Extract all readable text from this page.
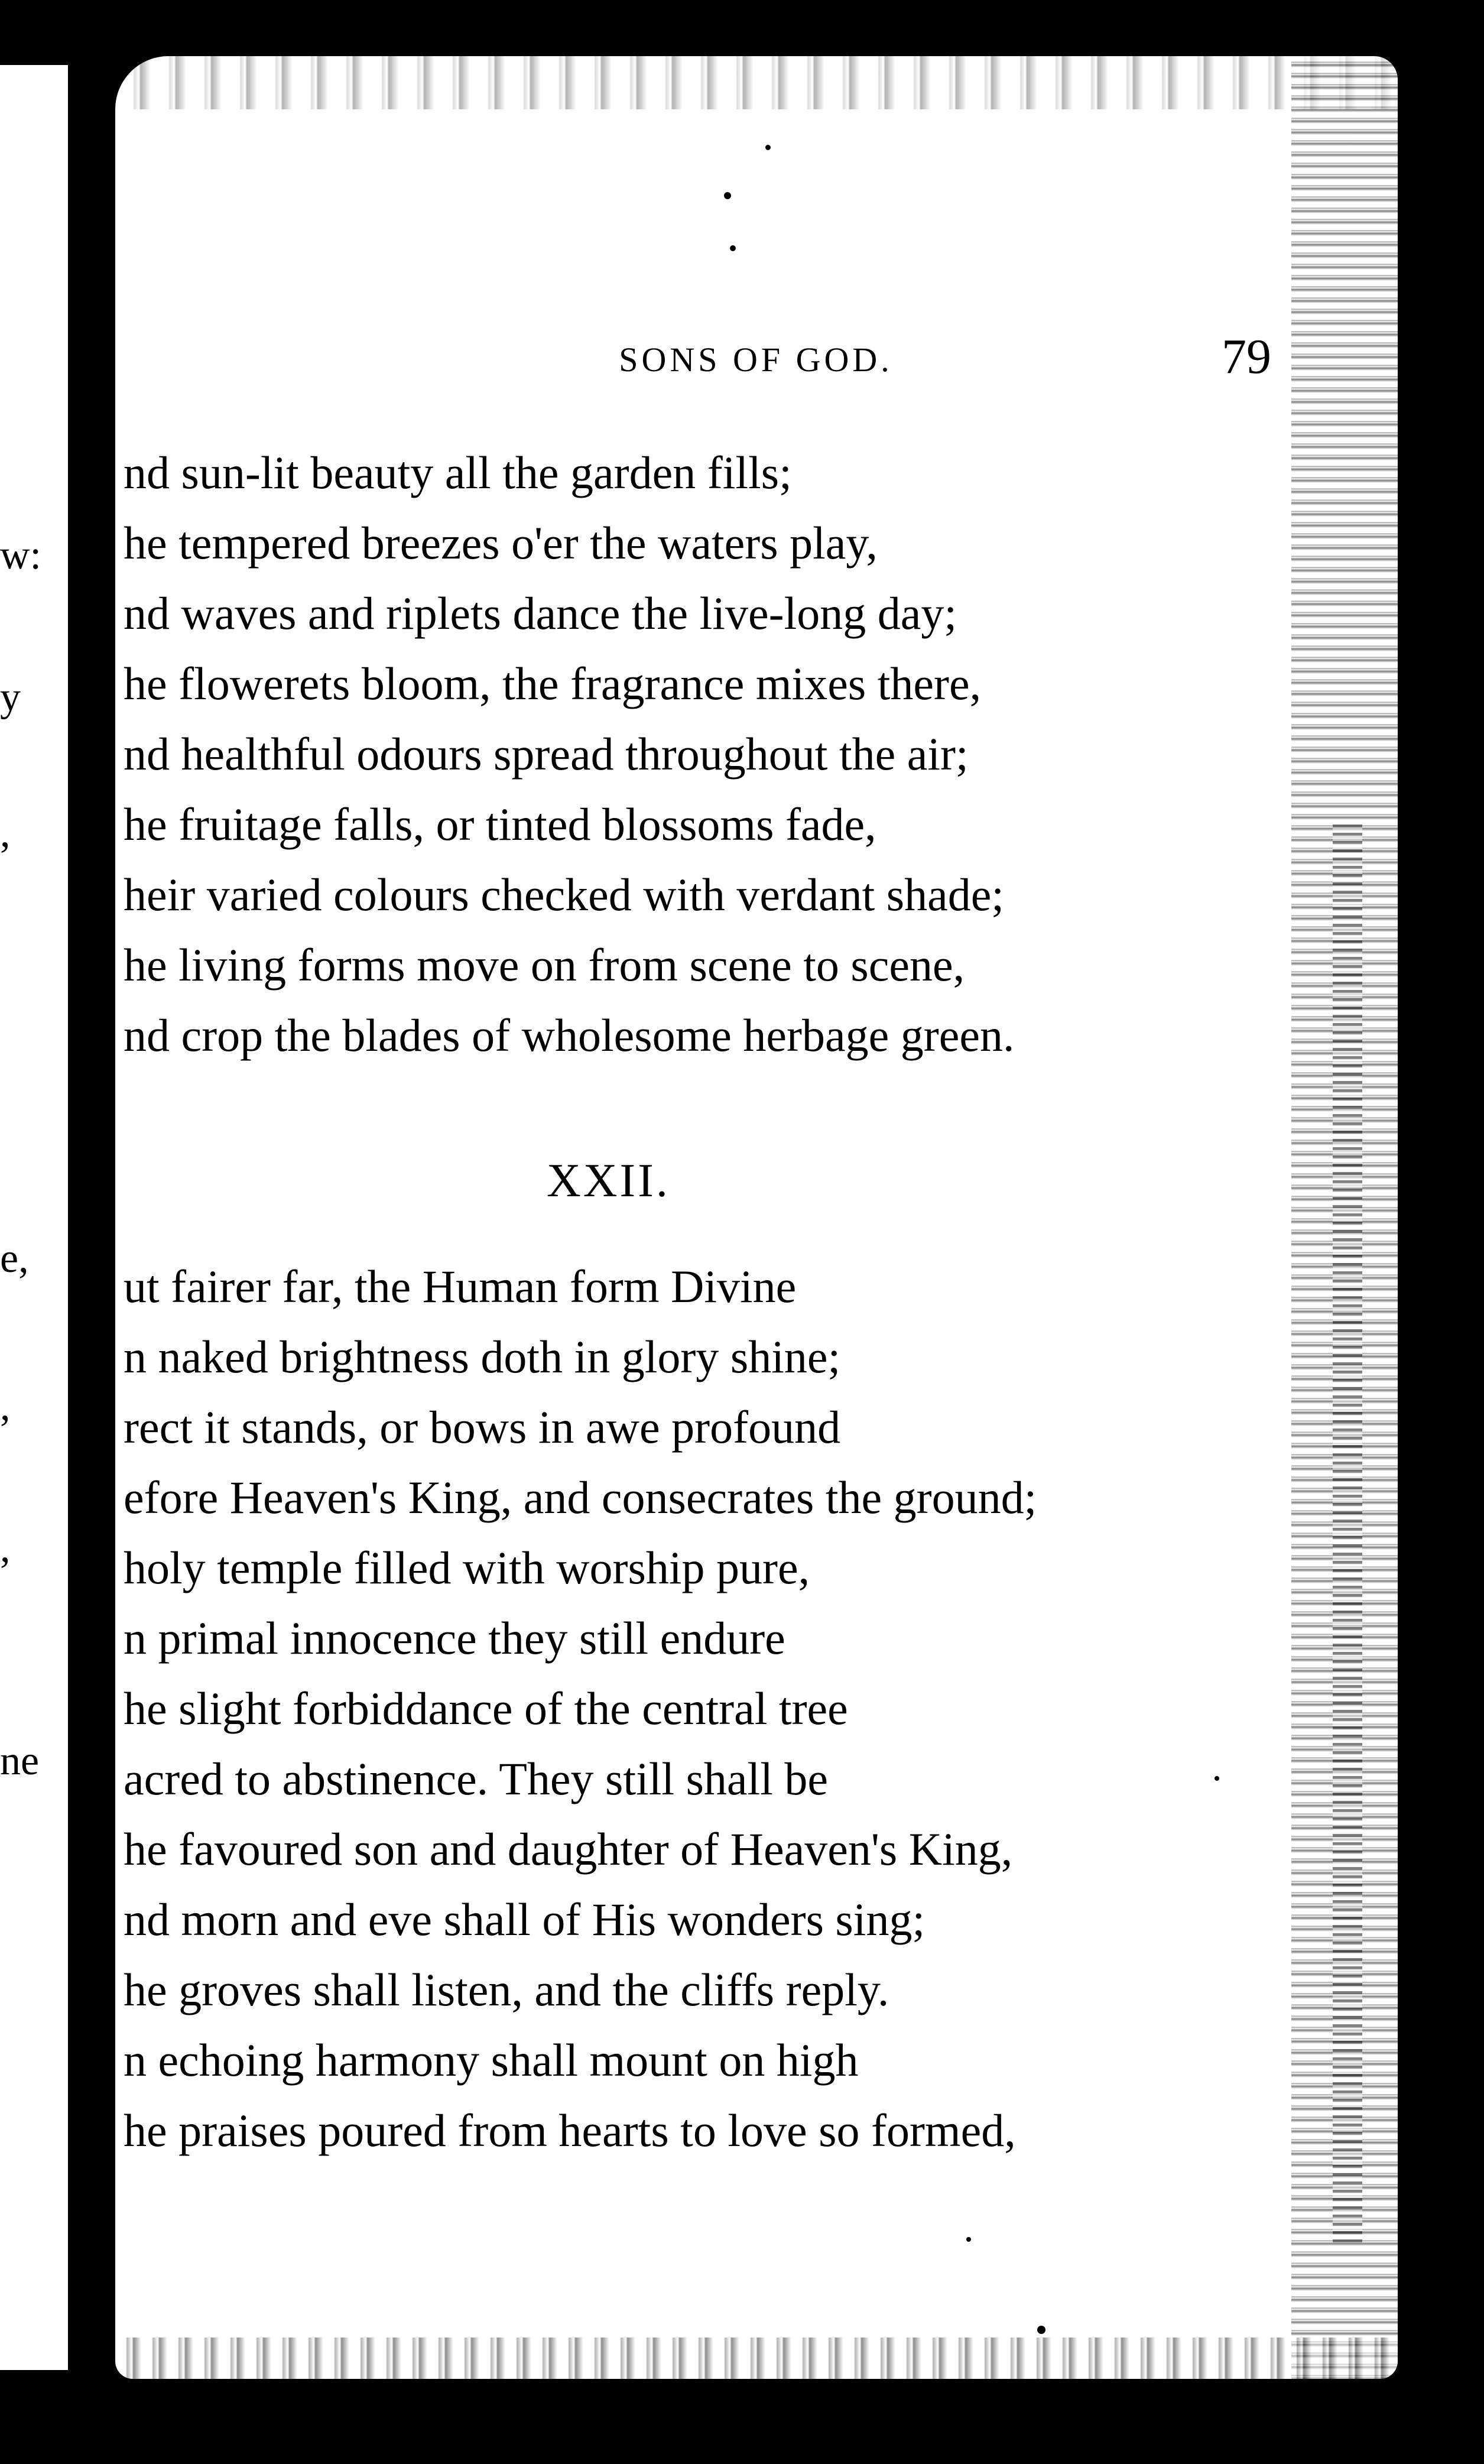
w:
y
,
e,
,
,
ne
SONS OF GOD.	79
nd sun-lit beauty all the garden fills;
he tempered breezes o'er the waters play,
nd waves and riplets dance the live-long day;
he flowerets bloom, the fragrance mixes there,
nd healthful odours spread throughout the air;
he fruitage falls, or tinted blossoms fade,
heir varied colours checked with verdant shade;
he living forms move on from scene to scene,
nd crop the blades of wholesome herbage green.
XXII.
ut fairer far, the Human form Divine
n naked brightness doth in glory shine;
rect it stands, or bows in awe profound
efore Heaven's King, and consecrates the ground;
holy temple filled with worship pure,
n primal innocence they still endure
he slight forbiddance of the central tree
acred to abstinence. They still shall be
he favoured son and daughter of Heaven's King,
nd morn and eve shall of His wonders sing;
he groves shall listen, and the cliffs reply.
n echoing harmony shall mount on high
he praises poured from hearts to love so formed,
